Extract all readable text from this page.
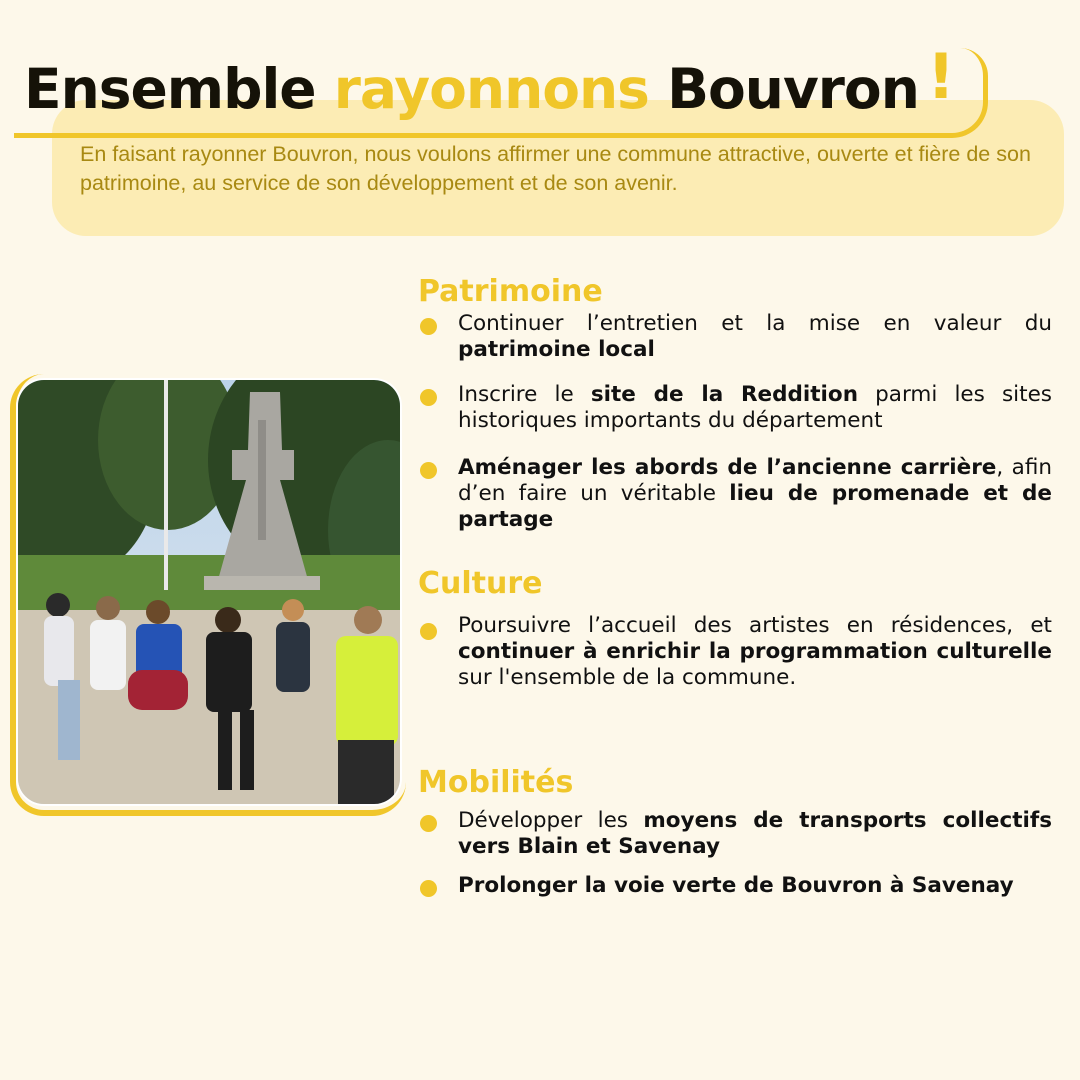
Ensemble rayonnons Bouvron !

En faisant rayonner Bouvron, nous voulons affirmer une commune attractive, ouverte et fière de son patrimoine, au service de son développement et de son avenir.

Patrimoine
Continuer l’entretien et la mise en valeur du patrimoine local
Inscrire le site de la Reddition parmi les sites historiques importants du département
Aménager les abords de l’ancienne carrière, afin d’en faire un véritable lieu de promenade et de partage
Culture
Poursuivre l’accueil des artistes en résidences, et continuer à enrichir la programmation culturelle sur l'ensemble de la commune.
Mobilités
Développer les moyens de transports collectifs vers Blain et Savenay
Prolonger la voie verte de Bouvron à Savenay
